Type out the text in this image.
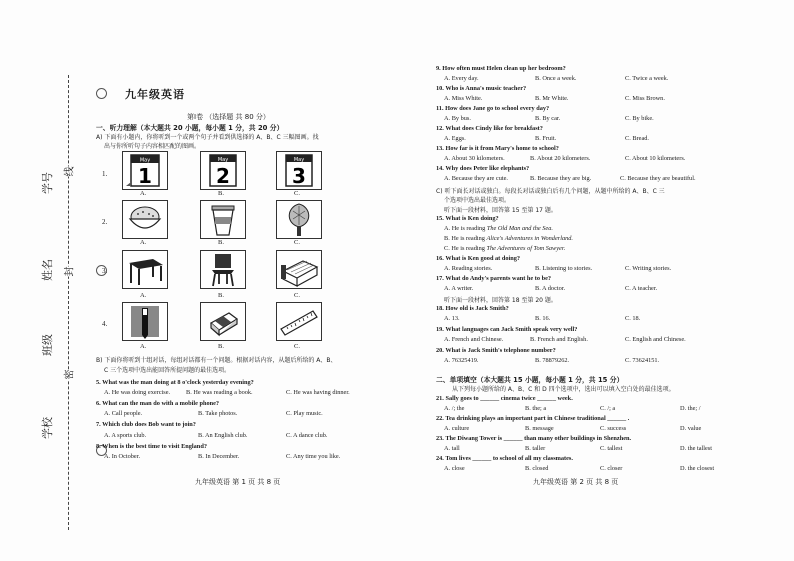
学号
姓名
班级
学校
线
封
密
九年级英语
第Ⅰ卷 （选择题 共 80 分）
一、听力理解（本大题共 20 小题，每小题 1 分，共 20 分）
A) 下面有小题内，你将听到一个或两个句子并看到供选择的 A、B、C 三幅图画。找
出与你所听句子内容相匹配的图画。
1.
May
1
May
2
May
3
A.	B.	C.
2.
A.	B.	C.
3.
A.	B.	C.
4.
A.	B.	C.
B) 下面你将听到十组对话，每组对话都有一个问题。根据对话内容，从题后所给的 A、B、
C 三个选项中选出能回答所提问题的最佳选项。
5. What was the man doing at 8 o'clock yesterday evening?
A. He was doing exercise.	B. He was reading a book.	C. He was having dinner.
6. What can the man do with a mobile phone?
A. Call people.	B. Take photos.	C. Play music.
7. Which club does Bob want to join?
A. A sports club.	B. An English club.	C. A dance club.
8. When is the best time to visit England?
A. In October.	B. In December.	C. Any time you like.
九年级英语 第 1 页 共 8 页
9. How often must Helen clean up her bedroom?
A. Every day.	B. Once a week.	C. Twice a week.
10. Who is Anna's music teacher?
A. Miss White.	B. Mr White.	C. Miss Brown.
11. How does Jane go to school every day?
A. By bus.	B. By car.	C. By bike.
12. What does Cindy like for breakfast?
A. Eggs.	B. Fruit.	C. Bread.
13. How far is it from Mary's home to school?
A. About 30 kilometers.	B. About 20 kilometers.	C. About 10 kilometers.
14. Why does Peter like elephants?
A. Because they are cute.	B. Because they are big.	C. Because they are beautiful.
C) 听下面长对话或独白。每段长对话或独白后有几个问题，从题中所给的 A、B、C 三
个选项中选出最佳选项。
听下面一段材料，回答第 15 至第 17 题。
15. What is Ken doing?
A. He is reading The Old Man and the Sea.
B. He is reading Alice's Adventures in Wonderland.
C. He is reading The Adventures of Tom Sawyer.
16. What is Ken good at doing?
A. Reading stories.	B. Listening to stories.	C. Writing stories.
17. What do Andy's parents want he to be?
A. A writer.	B. A doctor.	C. A teacher.
听下面一段材料，回答第 18 至第 20 题。
18. How old is Jack Smith?
A. 13.	B. 16.	C. 18.
19. What languages can Jack Smith speak very well?
A. French and Chinese.	B. French and English.	C. English and Chinese.
20. What is Jack Smith's telephone number?
A. 76325419.	B. 78879262.	C. 73624151.
二、单项填空（本大题共 15 小题，每小题 1 分，共 15 分）
从下列每小题所给的 A、B、C 和 D 四个选项中，选出可以填入空白处的最佳选项。
21. Sally goes to ______ cinema twice ______ week.
A. /; the	B. the; a	C. /; a	D. the; /
22. Tea drinking plays an important part in Chinese traditional ______ .
A. culture	B. message	C. success	D. value
23. The Diwang Tower is ______ than many other buildings in Shenzhen.
A. tall	B. taller	C. tallest	D. the tallest
24. Tom lives ______ to school of all my classmates.
A. close	B. closed	C. closer	D. the closest
九年级英语 第 2 页 共 8 页
